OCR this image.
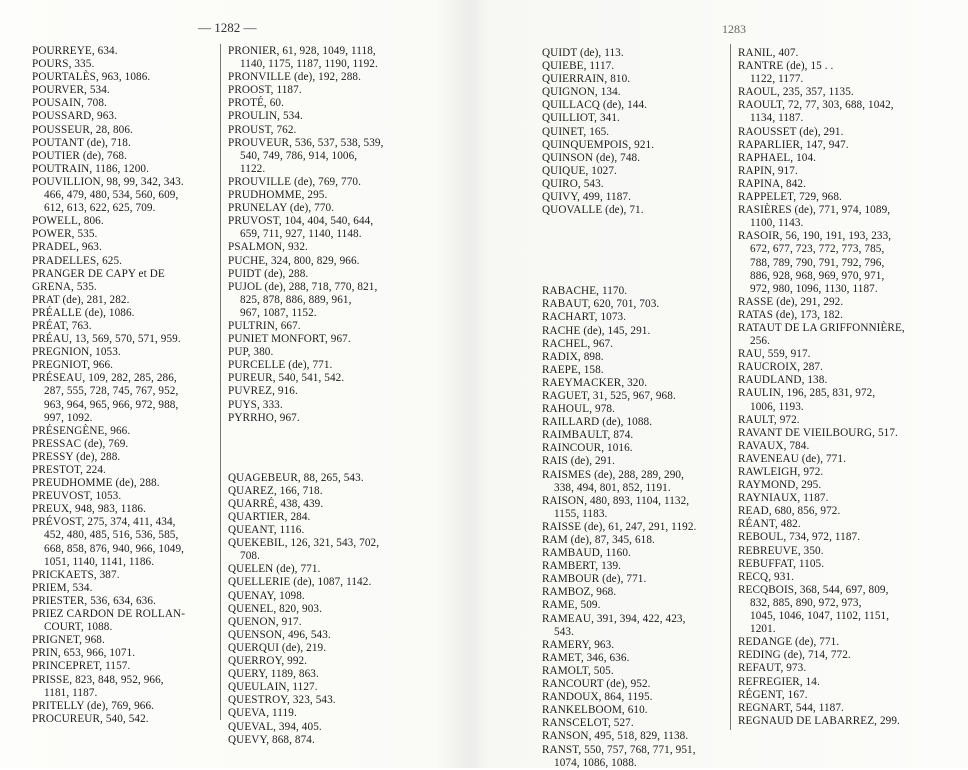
— 1282 —	1283
POURREYE, 634.
POURS, 335.
POURTALÈS, 963, 1086.
POURVER, 534.
POUSAIN, 708.
POUSSARD, 963.
POUSSEUR, 28, 806.
POUTANT (de), 718.
POUTIER (de), 768.
POUTRAIN, 1186, 1200.
POUVILLION, 98, 99, 342, 343.
466, 479, 480, 534, 560, 609,
612, 613, 622, 625, 709.
POWELL, 806.
POWER, 535.
PRADEL, 963.
PRADELLES, 625.
PRANGER DE CAPY et DE
GRENA, 535.
PRAT (de), 281, 282.
PRÉALLE (de), 1086.
PRÉAT, 763.
PRÉAU, 13, 569, 570, 571, 959.
PREGNION, 1053.
PREGNIOT, 966.
PRÉSEAU, 109, 282, 285, 286,
287, 555, 728, 745, 767, 952,
963, 964, 965, 966, 972, 988,
997, 1092.
PRÉSENGÈNE, 966.
PRESSAC (de), 769.
PRESSY (de), 288.
PRESTOT, 224.
PREUDHOMME (de), 288.
PREUVOST, 1053.
PREUX, 948, 983, 1186.
PRÉVOST, 275, 374, 411, 434,
452, 480, 485, 516, 536, 585,
668, 858, 876, 940, 966, 1049,
1051, 1140, 1141, 1186.
PRICKAETS, 387.
PRIEM, 534.
PRIESTER, 536, 634, 636.
PRIEZ CARDON DE ROLLAN-
COURT, 1088.
PRIGNET, 968.
PRIN, 653, 966, 1071.
PRINCEPRET, 1157.
PRISSE, 823, 848, 952, 966,
1181, 1187.
PRITELLY (de), 769, 966.
PROCUREUR, 540, 542.
PRONIER, 61, 928, 1049, 1118,
1140, 1175, 1187, 1190, 1192.
PRONVILLE (de), 192, 288.
PROOST, 1187.
PROTÉ, 60.
PROULIN, 534.
PROUST, 762.
PROUVEUR, 536, 537, 538, 539,
540, 749, 786, 914, 1006,
1122.
PROUVILLE (de), 769, 770.
PRUDHOMME, 295.
PRUNELAY (de), 770.
PRUVOST, 104, 404, 540, 644,
659, 711, 927, 1140, 1148.
PSALMON, 932.
PUCHE, 324, 800, 829, 966.
PUIDT (de), 288.
PUJOL (de), 288, 718, 770, 821,
825, 878, 886, 889, 961,
967, 1087, 1152.
PULTRIN, 667.
PUNIET MONFORT, 967.
PUP, 380.
PURCELLE (de), 771.
PUREUR, 540, 541, 542.
PUVREZ, 916.
PUYS, 333.
PYRRHO, 967.
QUAGEBEUR, 88, 265, 543.
QUAREZ, 166, 718.
QUARRÉ, 438, 439.
QUARTIER, 284.
QUEANT, 1116.
QUEKEBIL, 126, 321, 543, 702,
708.
QUELEN (de), 771.
QUELLERIE (de), 1087, 1142.
QUENAY, 1098.
QUENEL, 820, 903.
QUENON, 917.
QUENSON, 496, 543.
QUERQUI (de), 219.
QUERROY, 992.
QUERY, 1189, 863.
QUEULAIN, 1127.
QUESTROY, 323, 543.
QUEVA, 1119.
QUEVAL, 394, 405.
QUEVY, 868, 874.
QUIDT (de), 113.
QUIEBE, 1117.
QUIERRAIN, 810.
QUIGNON, 134.
QUILLACQ (de), 144.
QUILLIOT, 341.
QUINET, 165.
QUINQUEMPOIS, 921.
QUINSON (de), 748.
QUIQUE, 1027.
QUIRO, 543.
QUIVY, 499, 1187.
QUOVALLE (de), 71.
RABACHE, 1170.
RABAUT, 620, 701, 703.
RACHART, 1073.
RACHE (de), 145, 291.
RACHEL, 967.
RADIX, 898.
RAEPE, 158.
RAEYMACKER, 320.
RAGUET, 31, 525, 967, 968.
RAHOUL, 978.
RAILLARD (de), 1088.
RAIMBAULT, 874.
RAINCOUR, 1016.
RAIS (de), 291.
RAISMES (de), 288, 289, 290,
338, 494, 801, 852, 1191.
RAISON, 480, 893, 1104, 1132,
1155, 1183.
RAISSE (de), 61, 247, 291, 1192.
RAM (de), 87, 345, 618.
RAMBAUD, 1160.
RAMBERT, 139.
RAMBOUR (de), 771.
RAMBOZ, 968.
RAME, 509.
RAMEAU, 391, 394, 422, 423,
543.
RAMERY, 963.
RAMET, 346, 636.
RAMOLT, 505.
RANCOURT (de), 952.
RANDOUX, 864, 1195.
RANKELBOOM, 610.
RANSCELOT, 527.
RANSON, 495, 518, 829, 1138.
RANST, 550, 757, 768, 771, 951,
1074, 1086, 1088.
RANIL, 407.
RANTRE (de), 15 . .
1122, 1177.
RAOUL, 235, 357, 1135.
RAOULT, 72, 77, 303, 688, 1042,
1134, 1187.
RAOUSSET (de), 291.
RAPARLIER, 147, 947.
RAPHAEL, 104.
RAPIN, 917.
RAPINA, 842.
RAPPELET, 729, 968.
RASIÈRES (de), 771, 974, 1089,
1100, 1143.
RASOIR, 56, 190, 191, 193, 233,
672, 677, 723, 772, 773, 785,
788, 789, 790, 791, 792, 796,
886, 928, 968, 969, 970, 971,
972, 980, 1096, 1130, 1187.
RASSE (de), 291, 292.
RATAS (de), 173, 182.
RATAUT DE LA GRIFFONNIÈRE,
256.
RAU, 559, 917.
RAUCROIX, 287.
RAUDLAND, 138.
RAULIN, 196, 285, 831, 972,
1006, 1193.
RAULT, 972.
RAVANT DE VIEILBOURG, 517.
RAVAUX, 784.
RAVENEAU (de), 771.
RAWLEIGH, 972.
RAYMOND, 295.
RAYNIAUX, 1187.
READ, 680, 856, 972.
RÉANT, 482.
REBOUL, 734, 972, 1187.
REBREUVE, 350.
REBUFFAT, 1105.
RECQ, 931.
RECQBOIS, 368, 544, 697, 809,
832, 885, 890, 972, 973,
1045, 1046, 1047, 1102, 1151,
1201.
REDANGE (de), 771.
REDING (de), 714, 772.
REFAUT, 973.
REFREGIER, 14.
RÉGENT, 167.
REGNART, 544, 1187.
REGNAUD DE LABARREZ, 299.
